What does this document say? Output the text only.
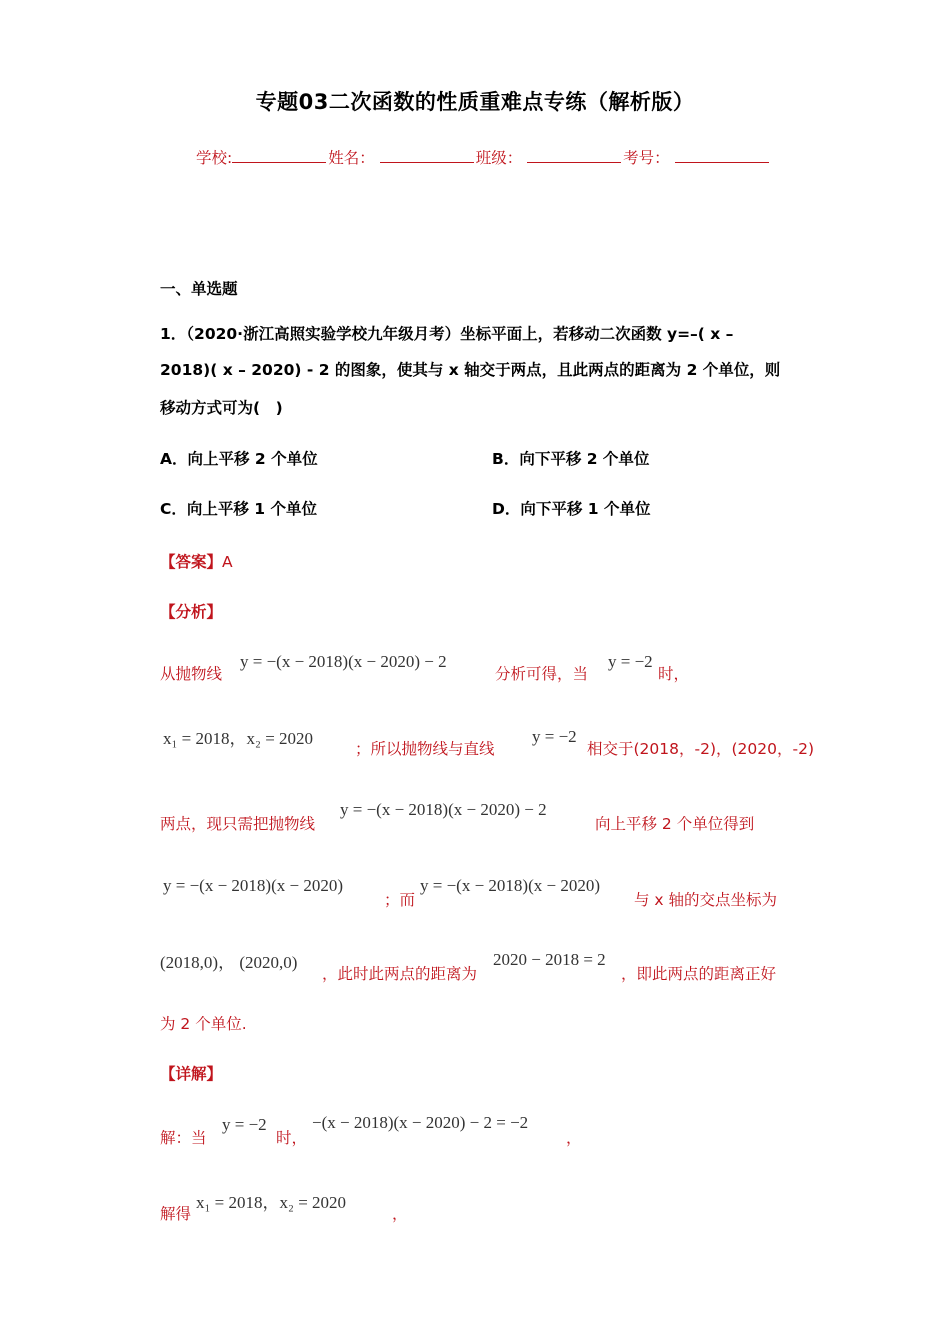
专题03二次函数的性质重难点专练（解析版）
学校:	姓名：	班级：	考号：
一、单选题
1．（2020·浙江高照实验学校九年级月考）坐标平面上，若移动二次函数 y=–( x –
2018)( x – 2020) - 2 的图象，使其与 x 轴交于两点，且此两点的距离为 2 个单位，则
移动方式可为(　)
A．向上平移 2 个单位	B．向下平移 2 个单位
C．向上平移 1 个单位	D．向下平移 1 个单位
【答案】A
【分析】
从抛物线
y = −(x − 2018)(x − 2020) − 2
分析可得，当
y = −2
时，
x₁ = 2018，x₂ = 2020
；所以抛物线与直线
y = −2
相交于(2018，-2)，(2020，-2)
两点，现只需把抛物线
y = −(x − 2018)(x − 2020) − 2
向上平移 2 个单位得到
y = −(x − 2018)(x − 2020)
；而
y = −(x − 2018)(x − 2020)
与 x 轴的交点坐标为
(2018,0)， (2020,0)
，此时此两点的距离为
2020 − 2018 = 2
，即此两点的距离正好
为 2 个单位.
【详解】
解：当
y = −2
时，
−(x − 2018)(x − 2020) − 2 = −2
，
解得
x₁ = 2018，x₂ = 2020
，
